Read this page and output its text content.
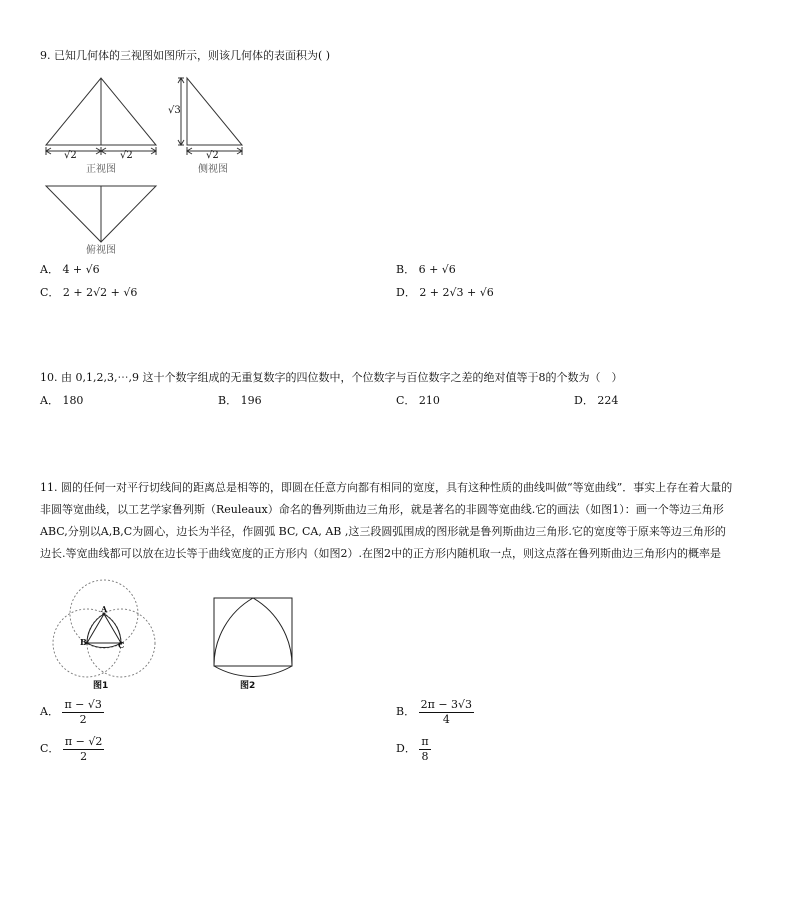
9. 已知几何体的三视图如图所示，则该几何体的表面积为( )
√2	√2
正视图
√3
√2
侧视图
俯视图
A． 4 + √6	B． 6 + √6
C． 2 + 2√2 + √6	D． 2 + 2√3 + √6
10. 由 0,1,2,3,⋯,9 这十个数字组成的无重复数字的四位数中，个位数字与百位数字之差的绝对值等于8的个数为（　）
A． 180	B． 196	C． 210	D． 224
11. 圆的任何一对平行切线间的距离总是相等的，即圆在任意方向都有相同的宽度，具有这种性质的曲线叫做“等宽曲线”．事实上存在着大量的
非圆等宽曲线，以工艺学家鲁列斯（Reuleaux）命名的鲁列斯曲边三角形，就是著名的非圆等宽曲线.它的画法（如图1）：画一个等边三角形
ABC,分别以A,B,C为圆心，边长为半径，作圆弧 BC, CA, AB ,这三段圆弧围成的图形就是鲁列斯曲边三角形.它的宽度等于原来等边三角形的
边长.等宽曲线都可以放在边长等于曲线宽度的正方形内（如图2）.在图2中的正方形内随机取一点，则这点落在鲁列斯曲边三角形内的概率是
A
B	C
图1	图2
A． $\frac{\pi - √3}{2}$	B． $\frac{2\pi - 3√3}{4}$
C． $\frac{\pi - √2}{2}$	D． $\frac{\pi}{8}$
